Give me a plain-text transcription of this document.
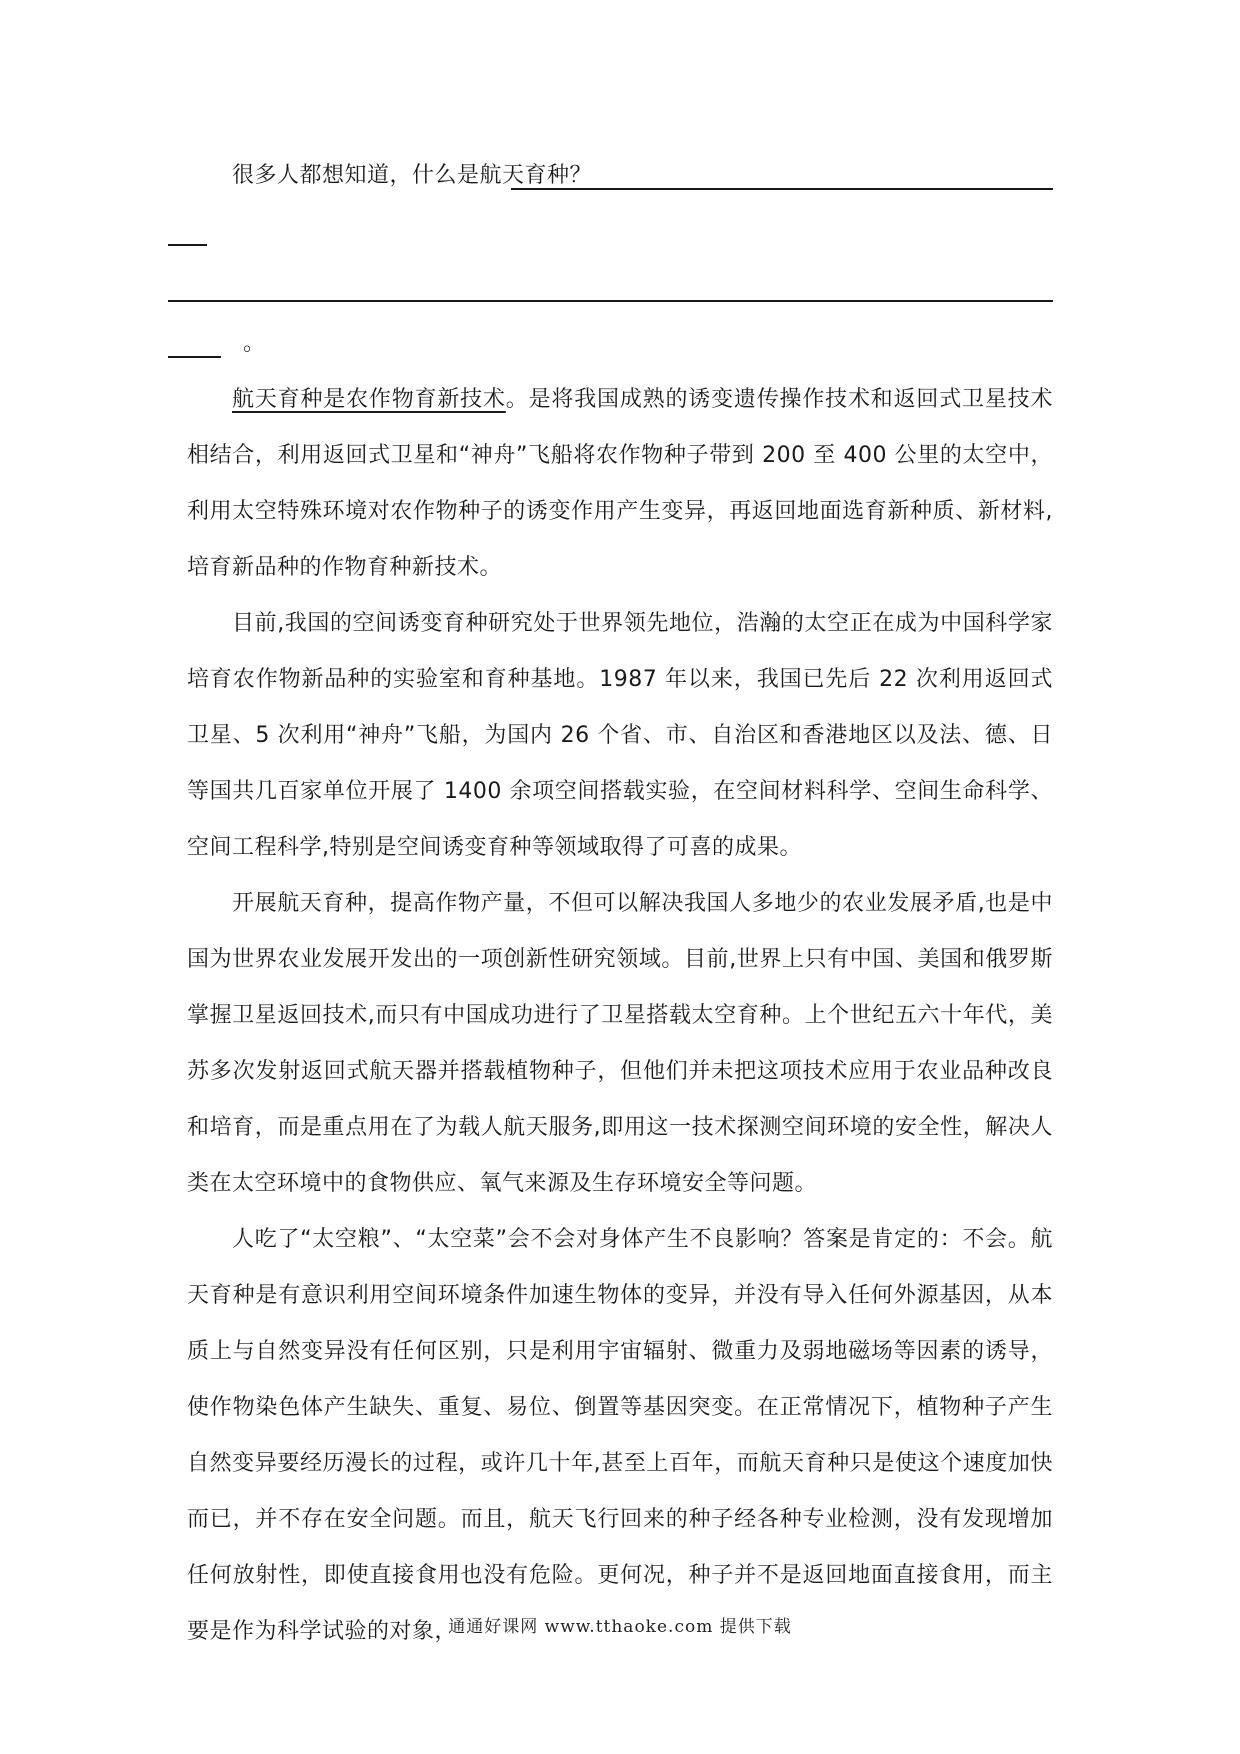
很多人都想知道，什么是航天育种？
。

航天育种是农作物育新技术。是将我国成熟的诱变遗传操作技术和返回式卫星技术相结合，利用返回式卫星和“神舟”飞船将农作物种子带到 200 至 400 公里的太空中，利用太空特殊环境对农作物种子的诱变作用产生变异，再返回地面选育新种质、新材料,培育新品种的作物育种新技术。

目前,我国的空间诱变育种研究处于世界领先地位，浩瀚的太空正在成为中国科学家培育农作物新品种的实验室和育种基地。1987 年以来，我国已先后 22 次利用返回式卫星、5 次利用“神舟”飞船，为国内 26 个省、市、自治区和香港地区以及法、德、日等国共几百家单位开展了 1400 余项空间搭载实验，在空间材料科学、空间生命科学、空间工程科学,特别是空间诱变育种等领域取得了可喜的成果。

开展航天育种，提高作物产量，不但可以解决我国人多地少的农业发展矛盾,也是中国为世界农业发展开发出的一项创新性研究领域。目前,世界上只有中国、美国和俄罗斯掌握卫星返回技术,而只有中国成功进行了卫星搭载太空育种。上个世纪五六十年代，美苏多次发射返回式航天器并搭载植物种子，但他们并未把这项技术应用于农业品种改良和培育，而是重点用在了为载人航天服务,即用这一技术探测空间环境的安全性，解决人类在太空环境中的食物供应、氧气来源及生存环境安全等问题。

人吃了“太空粮”、“太空菜”会不会对身体产生不良影响？答案是肯定的：不会。航天育种是有意识利用空间环境条件加速生物体的变异，并没有导入任何外源基因，从本质上与自然变异没有任何区别，只是利用宇宙辐射、微重力及弱地磁场等因素的诱导，使作物染色体产生缺失、重复、易位、倒置等基因突变。在正常情况下，植物种子产生自然变异要经历漫长的过程，或许几十年,甚至上百年，而航天育种只是使这个速度加快而已，并不存在安全问题。而且，航天飞行回来的种子经各种专业检测，没有发现增加任何放射性，即使直接食用也没有危险。更何况，种子并不是返回地面直接食用，而主要是作为科学试验的对象，

通通好课网 www.tthaoke.com 提供下载
